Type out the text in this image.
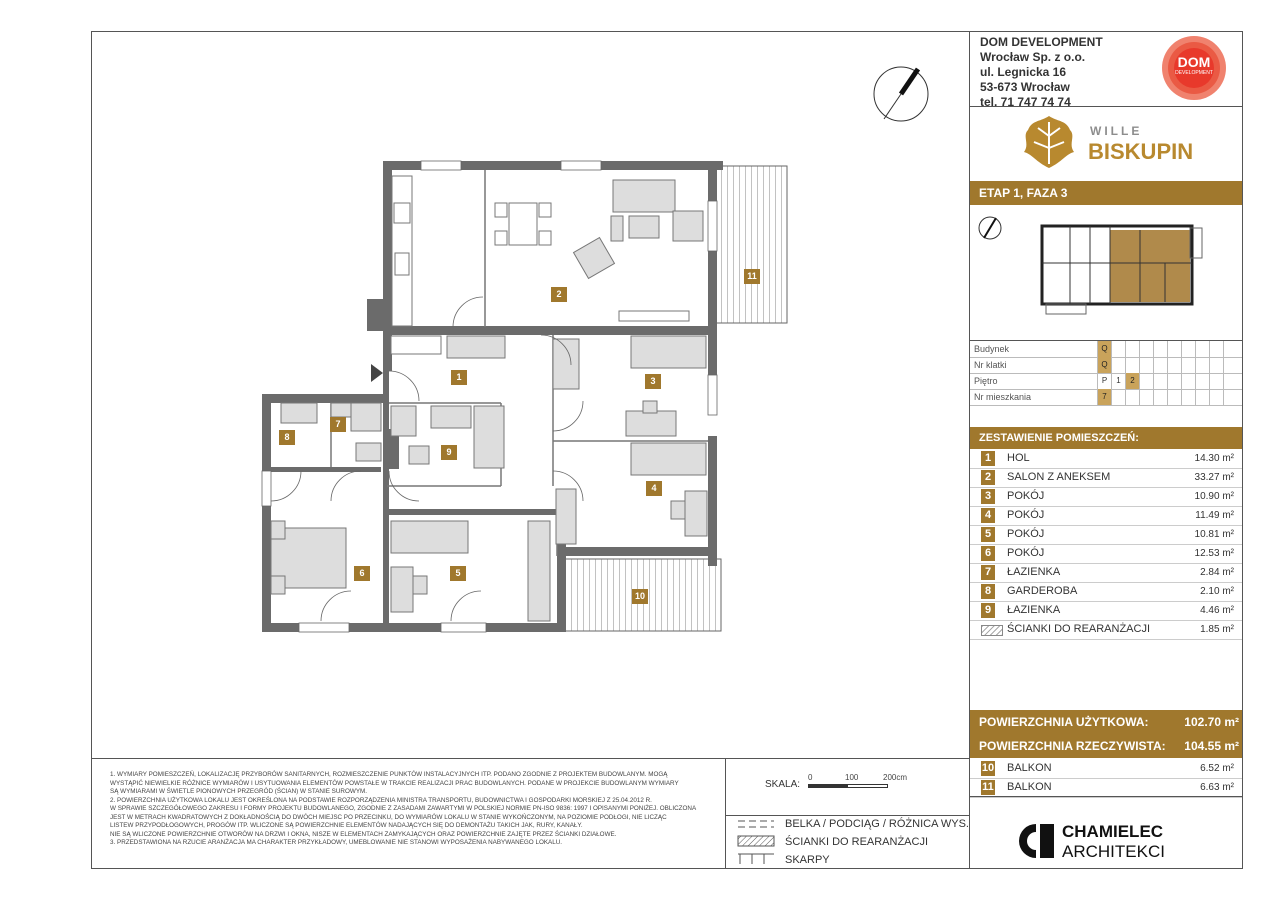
1
2
3
4
5
6
7
8
9
10
11
DOM DEVELOPMENT
Wrocław Sp. z o.o.
ul. Legnicka 16
53-673 Wrocław
tel. 71 747 74 74
DOM
DEVELOPMENT
WILLE
BISKUPIN
ETAP 1, FAZA 3
Budynek	Q
Nr klatki	Q
Piętro	P	1	2
Nr mieszkania	7
ZESTAWIENIE POMIESZCZEŃ:
1	HOL	14.30 m²
2	SALON Z ANEKSEM	33.27 m²
3	POKÓJ	10.90 m²
4	POKÓJ	11.49 m²
5	POKÓJ	10.81 m²
6	POKÓJ	12.53 m²
7	ŁAZIENKA	2.84 m²
8	GARDEROBA	2.10 m²
9	ŁAZIENKA	4.46 m²
ŚCIANKI DO REARANŻACJI	1.85 m²
POWIERZCHNIA UŻYTKOWA:	102.70 m²
POWIERZCHNIA RZECZYWISTA: 104.55 m²
10 BALKON	6.52 m²
11 BALKON	6.63 m²
CHAMIELEC
ARCHITEKCI
1. WYMIARY POMIESZCZEŃ, LOKALIZACJĘ PRZYBORÓW SANITARNYCH, ROZMIESZCZENIE PUNKTÓW INSTALACYJNYCH ITP. PODANO ZGODNIE Z PROJEKTEM BUDOWLANYM. MOGĄ
WYSTĄPIĆ NIEWIELKIE RÓŻNICE WYMIARÓW I USYTUOWANIA ELEMENTÓW POWSTAŁE W TRAKCIE REALIZACJI PRAC BUDOWLANYCH. PODANE W PROJEKCIE BUDOWLANYM WYMIARY
SĄ WYMIARAMI W ŚWIETLE PIONOWYCH PRZEGRÓD (ŚCIAN) W STANIE SUROWYM.
2. POWIERZCHNIA UŻYTKOWA LOKALU JEST OKREŚLONA NA PODSTAWIE ROZPORZĄDZENIA MINISTRA TRANSPORTU, BUDOWNICTWA I GOSPODARKI MORSKIEJ Z 25.04.2012 R.
W SPRAWIE SZCZEGÓŁOWEGO ZAKRESU I FORMY PROJEKTU BUDOWLANEGO, ZGODNIE Z ZASADAMI ZAWARTYMI W POLSKIEJ NORMIE PN-ISO 9836: 1997 I OPISANYMI PONIŻEJ. OBLICZONA
JEST W METRACH KWADRATOWYCH Z DOKŁADNOŚCIĄ DO DWÓCH MIEJSC PO PRZECINKU, DO WYMIARÓW LOKALU W STANIE WYKOŃCZONYM, NA POZIOMIE PODŁOGI, NIE LICZĄC
LISTEW PRZYPODŁOGOWYCH, PROGÓW ITP. WLICZONE SĄ POWIERZCHNIE ELEMENTÓW NADAJĄCYCH SIĘ DO DEMONTAŻU TAKICH JAK, RURY, KANAŁY.
NIE SĄ WLICZONE POWIERZCHNIE OTWORÓW NA DRZWI I OKNA, NISZE W ELEMENTACH ZAMYKAJĄCYCH ORAZ POWIERZCHNIE ZAJĘTE PRZEZ ŚCIANKI DZIAŁOWE.
3. PRZEDSTAWIONA NA RZUCIE ARANŻACJA MA CHARAKTER PRZYKŁADOWY, UMEBLOWANIE NIE STANOWI WYPOSAŻENIA NABYWANEGO LOKALU.
SKALA:
0	100	200cm
BELKA / PODCIĄG / RÓŻNICA WYS.
ŚCIANKI DO REARANŻACJI
SKARPY
